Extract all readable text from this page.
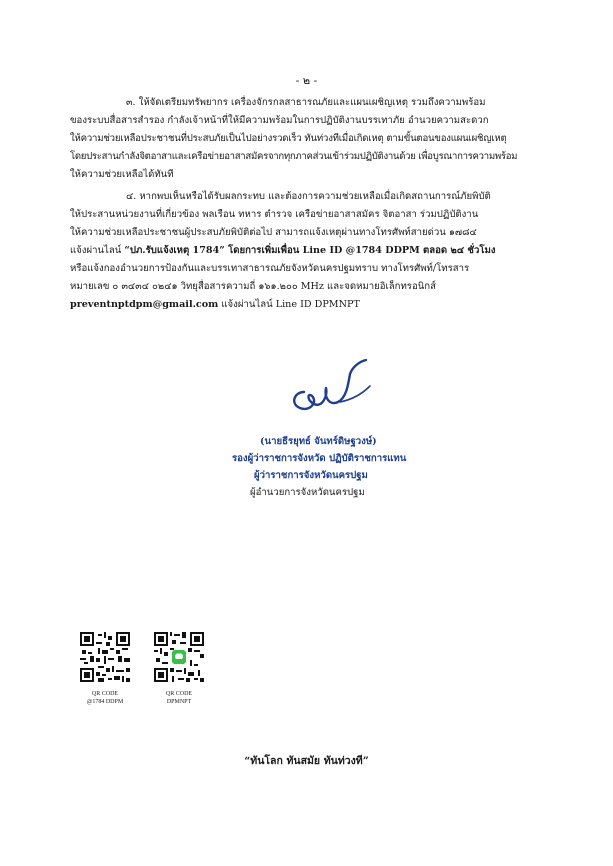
- ๒ -

๓. ให้จัดเตรียมทรัพยากร เครื่องจักรกลสาธารณภัยและแผนเผชิญเหตุ รวมถึงความพร้อม

ของระบบสื่อสารสำรอง กำลังเจ้าหน้าที่ให้มีความพร้อมในการปฏิบัติงานบรรเทาภัย อำนวยความสะดวก

ให้ความช่วยเหลือประชาชนที่ประสบภัยเป็นไปอย่างรวดเร็ว ทันท่วงทีเมื่อเกิดเหตุ ตามขั้นตอนของแผนเผชิญเหตุ

โดยประสานกำลังจิตอาสาและเครือข่ายอาสาสมัครจากทุกภาคส่วนเข้าร่วมปฏิบัติงานด้วย เพื่อบูรณาการความพร้อม

ให้ความช่วยเหลือได้ทันที

๔. หากพบเห็นหรือได้รับผลกระทบ และต้องการความช่วยเหลือเมื่อเกิดสถานการณ์ภัยพิบัติ

ให้ประสานหน่วยงานที่เกี่ยวข้อง พลเรือน ทหาร ตำรวจ เครือข่ายอาสาสมัคร จิตอาสา ร่วมปฏิบัติงาน

ให้ความช่วยเหลือประชาชนผู้ประสบภัยพิบัติต่อไป สามารถแจ้งเหตุผ่านทางโทรศัพท์สายด่วน ๑๗๘๔

แจ้งผ่านไลน์ “ปภ.รับแจ้งเหตุ 1784” โดยการเพิ่มเพื่อน Line ID @1784 DDPM ตลอด ๒๔ ชั่วโมง

หรือแจ้งกองอำนวยการป้องกันและบรรเทาสาธารณภัยจังหวัดนครปฐมทราบ ทางโทรศัพท์/โทรสาร

หมายเลข ๐ ๓๔๓๔ ๐๒๔๑ วิทยุสื่อสารความถี่ ๑๖๑.๒๐๐ MHz และจดหมายอิเล็กทรอนิกส์

preventnptdpm@gmail.com แจ้งผ่านไลน์ Line ID DPMNPT

(นายธีรยุทธ์ จันทร์ดิษฐวงษ์)
รองผู้ว่าราชการจังหวัด ปฏิบัติราชการแทน
ผู้ว่าราชการจังหวัดนครปฐม
ผู้อำนวยการจังหวัดนครปฐม
QR CODE
@1784 DDPM
QR CODE
DPMNPT
“ทันโลก ทันสมัย ทันท่วงที”
